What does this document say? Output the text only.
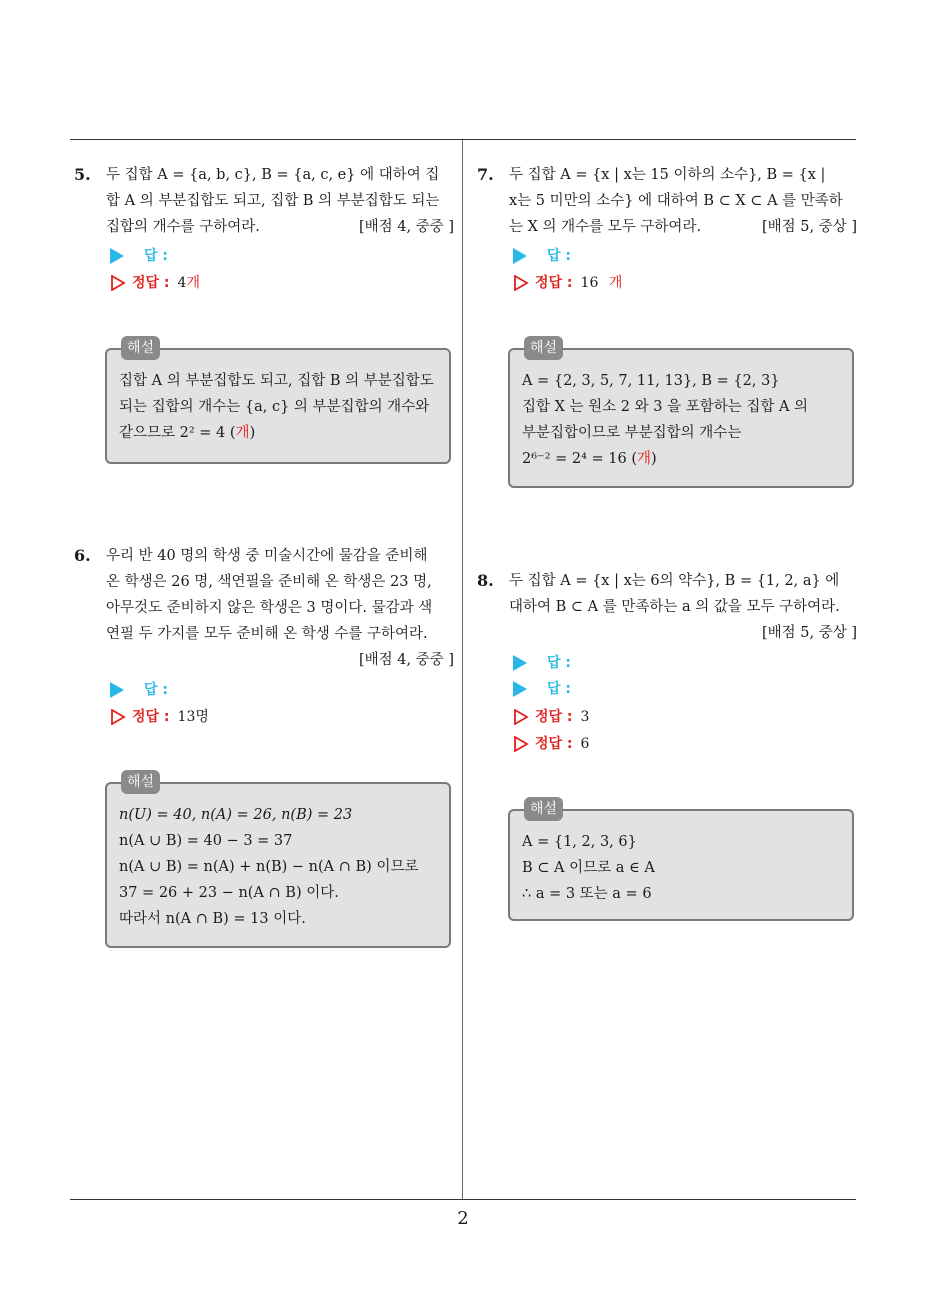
2
5. 두 집합 A = {a, b, c}, B = {a, c, e} 에 대하여 집
합 A 의 부분집합도 되고, 집합 B 의 부분집합도 되는
집합의 개수를 구하여라.	[배점 4, 중중 ]
답 :
정답 : 4개
해설

집합 A 의 부분집합도 되고, 집합 B 의 부분집합도

되는 집합의 개수는 {a, c} 의 부분집합의 개수와

같으므로 2² = 4 (개)

6. 우리 반 40 명의 학생 중 미술시간에 물감을 준비해
온 학생은 26 명, 색연필을 준비해 온 학생은 23 명,
아무것도 준비하지 않은 학생은 3 명이다. 물감과 색
연필 두 가지를 모두 준비해 온 학생 수를 구하여라.
[배점 4, 중중 ]
답 :
정답 : 13명
해설

n(U) = 40, n(A) = 26, n(B) = 23

n(A ∪ B) = 40 − 3 = 37

n(A ∪ B) = n(A) + n(B) − n(A ∩ B) 이므로

37 = 26 + 23 − n(A ∩ B) 이다.

따라서 n(A ∩ B) = 13 이다.

7. 두 집합 A = {x | x는 15 이하의 소수}, B = {x |
x는 5 미만의 소수} 에 대하여 B ⊂ X ⊂ A 를 만족하
는 X 의 개수를 모두 구하여라.	[배점 5, 중상 ]
답 :
정답 : 16 개
해설

A = {2, 3, 5, 7, 11, 13}, B = {2, 3}

집합 X 는 원소 2 와 3 을 포함하는 집합 A 의

부분집합이므로 부분집합의 개수는

2⁶⁻² = 2⁴ = 16 (개)

8. 두 집합 A = {x | x는 6의 약수}, B = {1, 2, a} 에
대하여 B ⊂ A 를 만족하는 a 의 값을 모두 구하여라.
[배점 5, 중상 ]
답 :
답 :
정답 : 3
정답 : 6
해설

A = {1, 2, 3, 6}

B ⊂ A 이므로 a ∈ A

∴ a = 3 또는 a = 6
